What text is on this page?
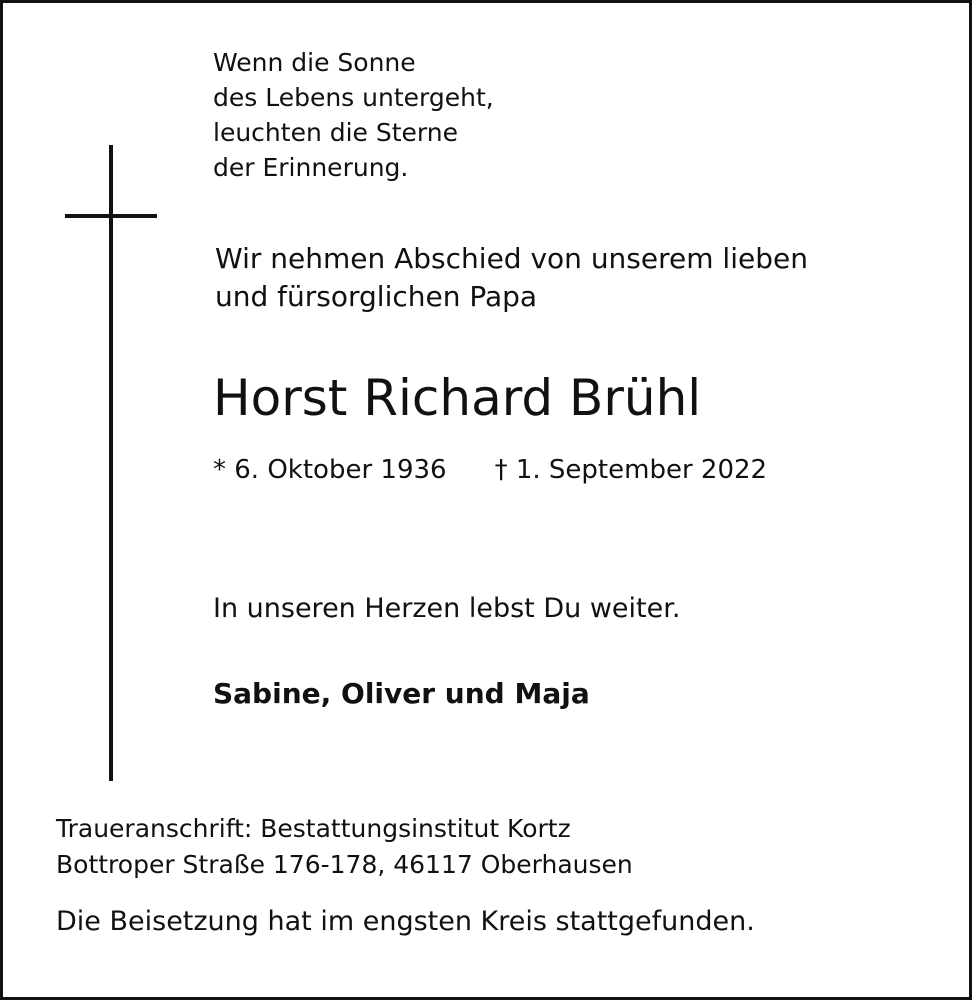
Wenn die Sonne
des Lebens untergeht,
leuchten die Sterne
der Erinnerung.
Wir nehmen Abschied von unserem lieben
und fürsorglichen Papa
Horst Richard Brühl
* 6. Oktober 1936 † 1. September 2022
In unseren Herzen lebst Du weiter.
Sabine, Oliver und Maja
Traueranschrift: Bestattungsinstitut Kortz
Bottroper Straße 176-178, 46117 Oberhausen
Die Beisetzung hat im engsten Kreis stattgefunden.
